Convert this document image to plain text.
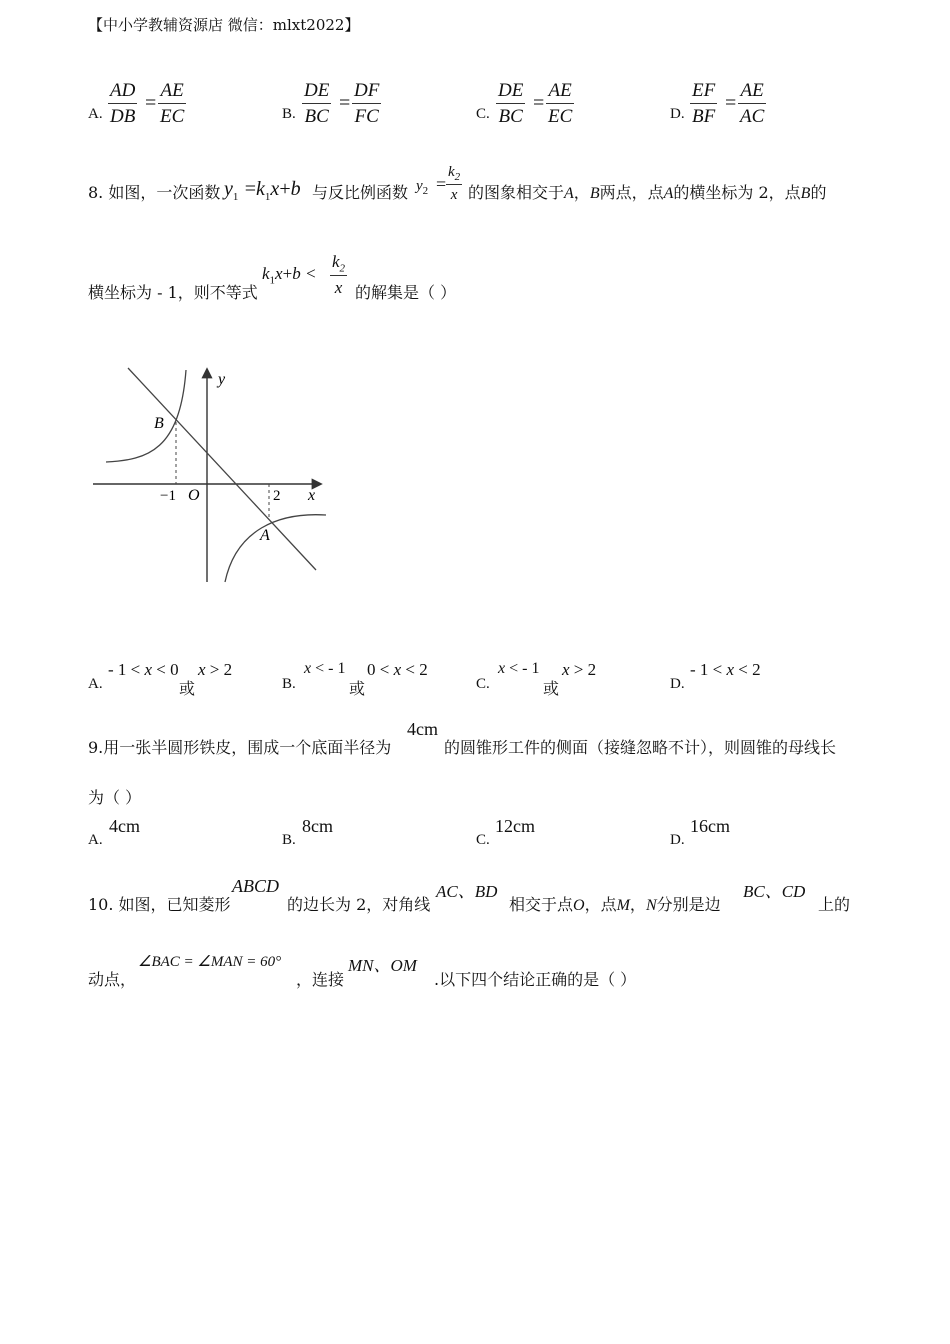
【中小学教辅资源店 微信：mlxt2022】
A.
AD
DB
=
AE
EC	B.
DE
BC
=
DF
FC	C.
DE
BC
=
AE
EC	D.
EF
BF
=
AE
AC
8. 如图，一次函数 $y_1 =k_1x+b$ 与反比例函数 $y_2$ =
$k_2$
x 的图象相交于A，B两点，点A的横坐标为 2，点B的
横坐标为 - 1，则不等式
$k_1x+b$ <
$k_2$
x 的解集是（ ）
y
x
B
A
O
−1	2
A.
- 1 < x < 0
或
x > 2
B.
x < - 1
或
0 < x < 2
C.
x < - 1
或
x > 2
D.
- 1 < x < 2
9.用一张半圆形铁皮，围成一个底面半径为
4cm
的圆锥形工件的侧面（接缝忽略不计），则圆锥的母线长
为（ ）
A.
4cm
B.
8cm
C.
12cm
D.
16cm
10. 如图，已知菱形
ABCD
的边长为 2，对角线
AC、BD
相交于点O，点M，N分别是边
BC、CD
上的
动点，
∠BAC = ∠MAN = 60°
，连接
MN、OM
.以下四个结论正确的是（ ）
